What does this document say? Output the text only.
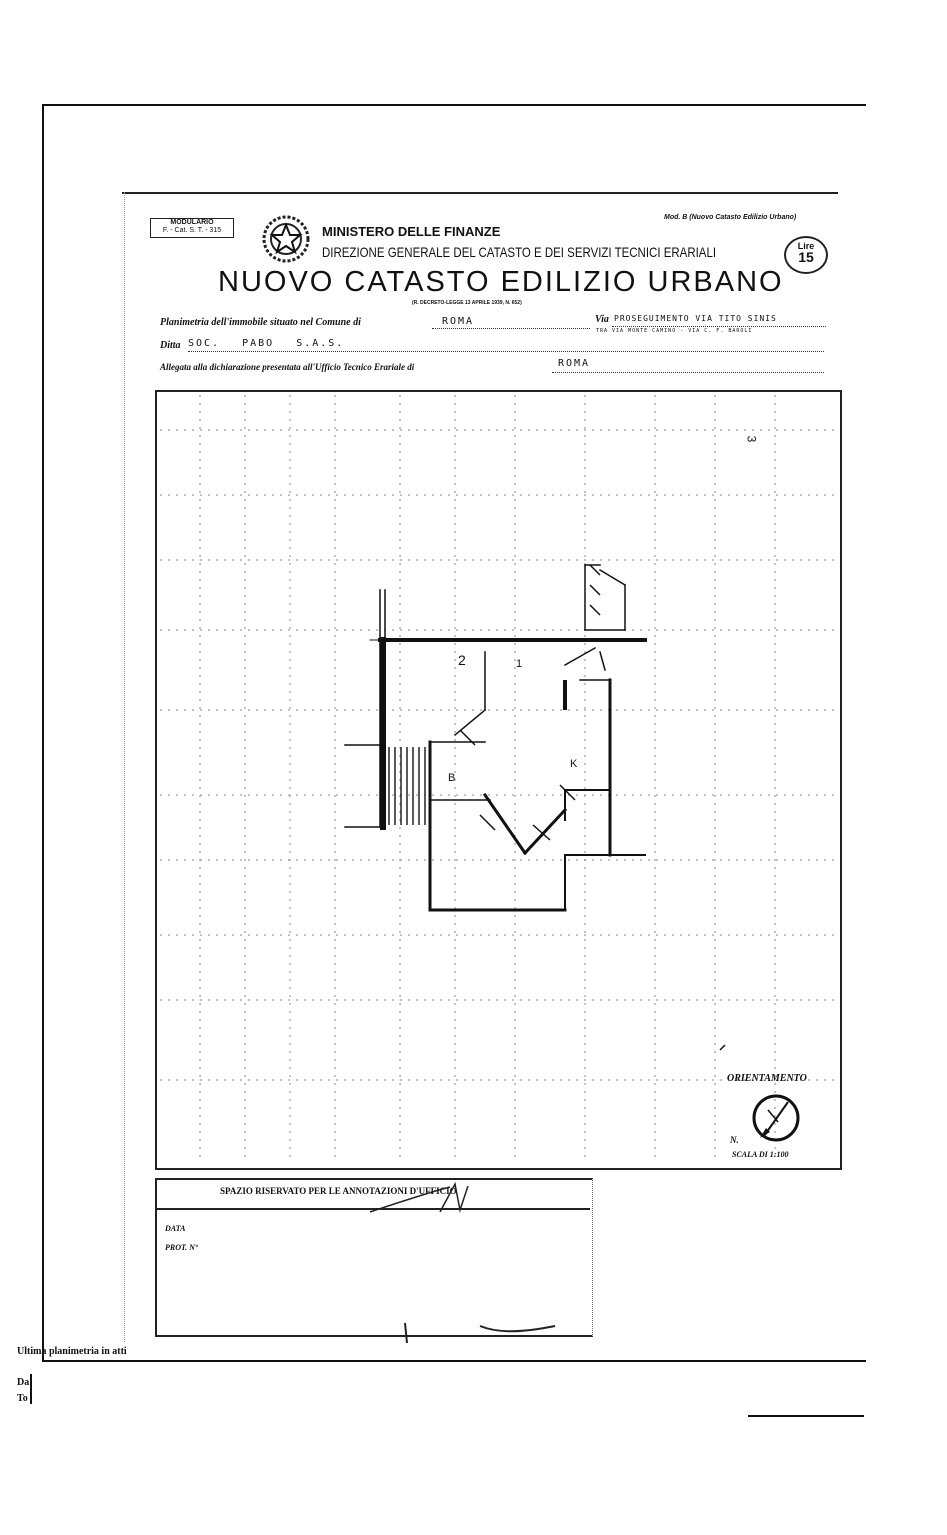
MODULARIO
F. - Cat. S. T. - 315	MINISTERO DELLE FINANZE
Mod. B (Nuovo Catasto Edilizio Urbano)
DIREZIONE GENERALE DEL CATASTO E DEI SERVIZI TECNICI ERARIALI	Lire
15
NUOVO CATASTO EDILIZIO URBANO
(R. DECRETO-LEGGE 13 APRILE 1939, N. 652)
Planimetria dell'immobile situato nel Comune di	ROMA	Via PROSEGUIMENTO VIA TITO SINIS
TRA VIA MONTE CAMINO - VIA C. F. BAROLI
Ditta SOC. PABO S.A.S.
Allegata alla dichiarazione presentata all'Ufficio Tecnico Erariale di	ROMA
2	1
K
B
3
ORIENTAMENTO
N.
SCALA DI 1:100
SPAZIO RISERVATO PER LE ANNOTAZIONI D'UFFICIO
DATA
PROT. N°
Ultima planimetria in atti
Da
To
